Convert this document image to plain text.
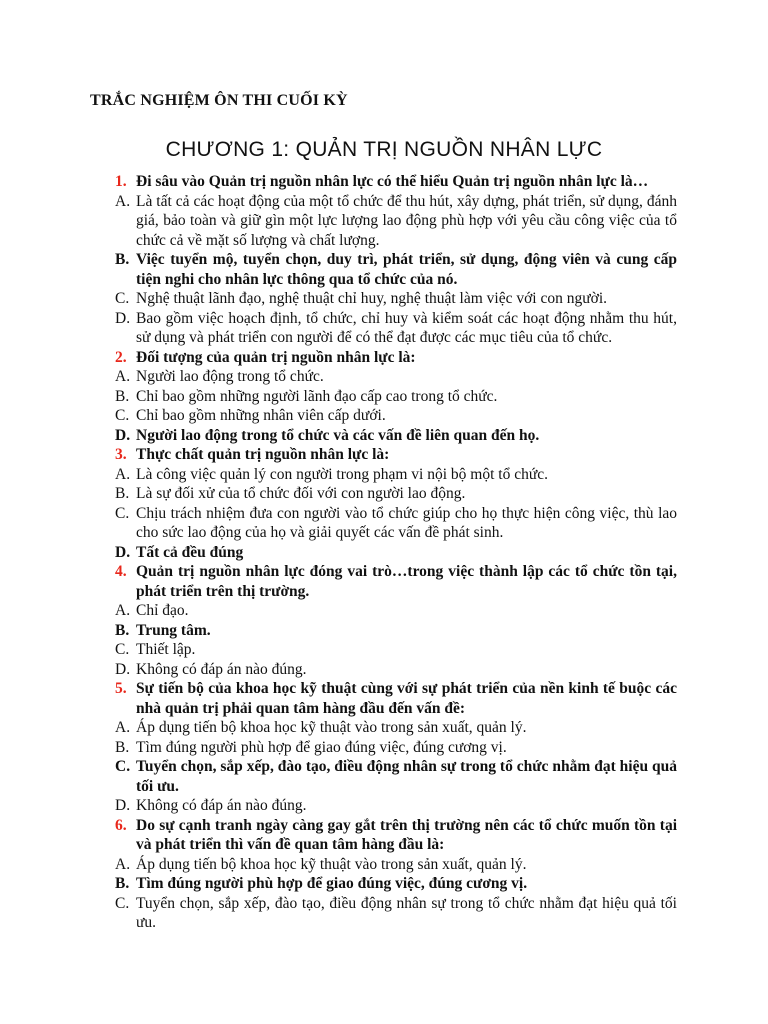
TRẮC NGHIỆM ÔN THI CUỐI KỲ
CHƯƠNG 1: QUẢN TRỊ NGUỒN NHÂN LỰC
1. Đi sâu vào Quản trị nguồn nhân lực có thể hiểu Quản trị nguồn nhân lực là…
A. Là tất cả các hoạt động của một tổ chức để thu hút, xây dựng, phát triển, sử dụng, đánh giá, bảo toàn và giữ gìn một lực lượng lao động phù hợp với yêu cầu công việc của tổ chức cả về mặt số lượng và chất lượng.
B. Việc tuyển mộ, tuyển chọn, duy trì, phát triển, sử dụng, động viên và cung cấp tiện nghi cho nhân lực thông qua tổ chức của nó.
C. Nghệ thuật lãnh đạo, nghệ thuật chỉ huy, nghệ thuật làm việc với con người.
D. Bao gồm việc hoạch định, tổ chức, chỉ huy và kiểm soát các hoạt động nhằm thu hút, sử dụng và phát triển con người để có thể đạt được các mục tiêu của tổ chức.
2. Đối tượng của quản trị nguồn nhân lực là:
A. Người lao động trong tổ chức.
B. Chỉ bao gồm những người lãnh đạo cấp cao trong tổ chức.
C. Chỉ bao gồm những nhân viên cấp dưới.
D. Người lao động trong tổ chức và các vấn đề liên quan đến họ.
3. Thực chất quản trị nguồn nhân lực là:
A. Là công việc quản lý con người trong phạm vi nội bộ một tổ chức.
B. Là sự đối xử của tổ chức đối với con người lao động.
C. Chịu trách nhiệm đưa con người vào tổ chức giúp cho họ thực hiện công việc, thù lao cho sức lao động của họ và giải quyết các vấn đề phát sinh.
D. Tất cả đều đúng
4. Quản trị nguồn nhân lực đóng vai trò…trong việc thành lập các tổ chức tồn tại, phát triển trên thị trường.
A. Chỉ đạo.
B. Trung tâm.
C. Thiết lập.
D. Không có đáp án nào đúng.
5. Sự tiến bộ của khoa học kỹ thuật cùng với sự phát triển của nền kinh tế buộc các nhà quản trị phải quan tâm hàng đầu đến vấn đề:
A. Áp dụng tiến bộ khoa học kỹ thuật vào trong sản xuất, quản lý.
B. Tìm đúng người phù hợp để giao đúng việc, đúng cương vị.
C. Tuyển chọn, sắp xếp, đào tạo, điều động nhân sự trong tổ chức nhằm đạt hiệu quả tối ưu.
D. Không có đáp án nào đúng.
6. Do sự cạnh tranh ngày càng gay gắt trên thị trường nên các tổ chức muốn tồn tại và phát triển thì vấn đề quan tâm hàng đầu là:
A. Áp dụng tiến bộ khoa học kỹ thuật vào trong sản xuất, quản lý.
B. Tìm đúng người phù hợp để giao đúng việc, đúng cương vị.
C. Tuyển chọn, sắp xếp, đào tạo, điều động nhân sự trong tổ chức nhằm đạt hiệu quả tối ưu.
